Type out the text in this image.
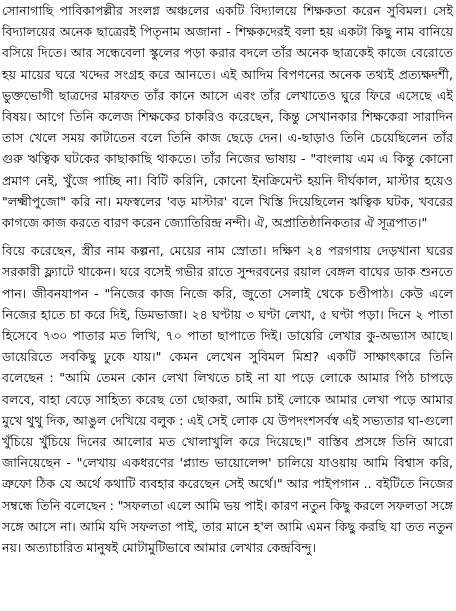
সোনাগাছি পাবিকাপল্লীর সংলগ্ন অঞ্চলের একটি বিদ্যালয়ে শিক্ষকতা করেন সুবিমল। সেই বিদ্যালয়ের অনেক ছাত্রেরই পিতৃনাম অজানা - শিক্ষকদেরই বলা হয় একটা কিছু নাম বানিয়ে বসিয়ে দিতে। আর সন্ধেবেলা স্কুলের পড়া করার বদলে তাঁর অনেক ছাত্রকেই কাজে বেরোতে হয় মায়ের ঘরে খদ্দের সংগ্রহ করে আনতে। এই আদিম বিপণনের অনেক তথ্যই প্রত্যক্ষদর্শী, ভুক্তভোগী ছাত্রদের মারফত তাঁর কানে আসে এবং তাঁর লেখাতেও ঘুরে ফিরে এসেছে এই বিষয়। আগে তিনি কলেজ শিক্ষকের চাকরিও করেছেন, কিন্তু সেখানকার শিক্ষকেরা সারাদিন তাস খেলে সময় কাটাতেন বলে তিনি কাজ ছেড়ে দেন। এ-ছাড়াও তিনি চেয়েছিলেন তাঁর গুরু ঋত্বিক ঘটকের কাছাকাছি থাকতে। তাঁর নিজের ভাষায় - "বাংলায় এম এ কিন্তু কোনো প্রমাণ নেই, খুঁজে পাচ্ছি না। বিটি করিনি, কোনো ইনক্রিমেন্ট হয়নি দীর্ঘকাল, মাস্টার হয়েও "লক্ষ্মীপুজো" করি না। মফস্বলের 'বড় মাস্টার' বলে খিস্তি দিয়েছিলেন ঋত্বিক ঘটক, খবরের কাগজে কাজ করতে বারণ করেন জ্যোতিরিন্দ্র নন্দী। ঐ, অপ্রাতিষ্ঠানিকতার ঐ সূত্রপাত।"

বিয়ে করেছেন, স্ত্রীর নাম কল্পনা, মেয়ের নাম স্রোতা। দক্ষিণ ২৪ পরগণায় দেড়খানা ঘরের সরকারী ফ্ল্যাটে থাকেন। ঘরে বসেই গভীর রাতে সুন্দরবনের রয়াল বেঙ্গল বাঘের ডাক শুনতে পান। জীবনযাপন - "নিজের কাজ নিজে করি, জুতো সেলাই থেকে চণ্ডীপাঠ। কেউ এলে নিজের হাতে চা করে দিই, ডিমভাজা। ২৪ ঘণ্টায় ৩ ঘণ্টা লেখা, ৫ ঘণ্টা পড়া। দিনে ২ পাতা হিসেবে ৭৩০ পাতার মত লিখি, ৭০ পাতা ছাপাতে দিই। ডায়েরি লেখার কু-অভ্যাস আছে। ডায়েরিতে সবকিছু ঢুকে যায়।" কেমন লেখেন সুবিমল মিশ্র? একটি সাক্ষাৎকারে তিনি বলেছেন : "আমি তেমন কোন লেখা লিখতে চাই না যা পড়ে লোকে আমার পিঠ চাপড়ে বলবে, বাহা বেড়ে সাহিত্য করেছ তো ছোকরা, আমি চাই লোকে আমার লেখা পড়ে আমার মুখে থুথু দিক, আঙুল দেখিয়ে বলুক : এই সেই লোক যে উপদংশসর্বস্ব এই সভ্যতার ঘা-গুলো খুঁচিয়ে খুঁচিয়ে দিনের আলোর মত খোলাখুলি করে দিয়েছে।" বাস্তিব প্রসঙ্গে তিনি আরো জানিয়েছেন - "লেখায় একধরণের 'প্ল্যান্ড ভায়োলেন্স' চালিয়ে যাওয়ায় আমি বিশ্বাস করি, ত্রুফো ঠিক যে অর্থে কথাটি ব্যবহার করেছেন সেই অর্থে।" আর পাইপগান .. বইটিতে নিজের সম্বন্ধে তিনি বলেছেন : "সফলতা এলে আমি ভয় পাই। কারণ নতুন কিছু করলে সফলতা সঙ্গে সঙ্গে আসে না। আমি যদি সফলতা পাই, তার মানে হ'ল আমি এমন কিছু করছি যা তত নতুন নয়। অত্যাচারিত মানুষই মোটামুটিভাবে আমার লেখার কেন্দ্রবিন্দু।
